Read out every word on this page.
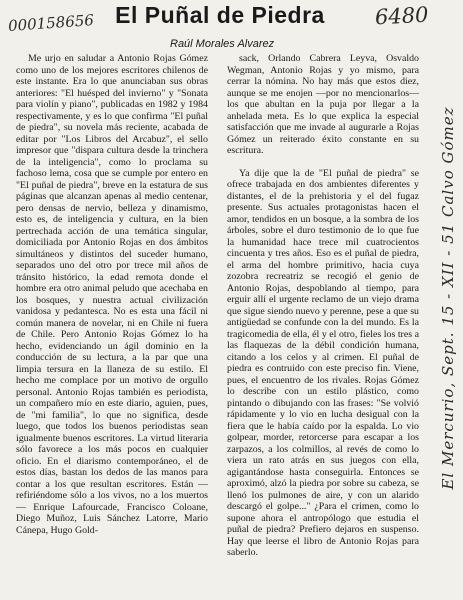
000158656	6480
El Mercurio, Sept. 15 - XII - 51 Calvo Gómez
El Puñal de Piedra
Raúl Morales Alvarez

Me urjo en saludar a Antonio Rojas Gómez como uno de los mejores escritores chilenos de este instante. Era lo que anunciaban sus obras anteriores: "El huésped del invierno" y "Sonata para violín y piano", publicadas en 1982 y 1984 respectivamente, y es lo que confirma "El puñal de piedra", su novela más reciente, acabada de editar por "Los Libros del Arcabuz", el sello impresor que "dispara cultura desde la trinchera de la inteligencia", como lo proclama su fachoso lema, cosa que se cumple por entero en "El puñal de piedra", breve en la estatura de sus páginas que alcanzan apenas al medio centenar, pero densas de nervio, belleza y dinamismo, esto es, de inteligencia y cultura, en la bien pertrechada acción de una temática singular, domiciliada por Antonio Rojas en dos ámbitos simultáneos y distintos del suceder humano, separados uno del otro por trece mil años de tránsito histórico, la edad remota donde el hombre era otro animal peludo que acechaba en los bosques, y nuestra actual civilización vanidosa y pedantesca. No es esta una fácil ni común manera de novelar, ni en Chile ni fuera de Chile. Pero Antonio Rojas Gómez lo ha hecho, evidenciando un ágil dominio en la conducción de su lectura, a la par que una limpia tersura en la llaneza de su estilo. El hecho me complace por un motivo de orgullo personal. Antonio Rojas también es periodista, un compañero mío en este diario, aguien, pues, de "mi familia", lo que no significa, desde luego, que todos los buenos periodistas sean igualmente buenos escritores. La virtud literaria sólo favorece a los más pocos en cualquier oficio. En el diarismo contemporáneo, el de estos días, bastan los dedos de las manos para contar a los que resultan escritores. Están —refiriéndome sólo a los vivos, no a los muertos— Enrique Lafourcade, Francisco Coloane, Diego Muñoz, Luis Sánchez Latorre, Mario Cánepa, Hugo Gold-

sack, Orlando Cabrera Leyva, Osvaldo Wegman, Antonio Rojas y yo mismo, para cerrar la nómina. No hay más que estos diez, aunque se me enojen —por no mencionarlos— los que abultan en la puja por llegar a la anhelada meta. Es lo que explica la especial satisfacción que me invade al augurarle a Rojas Gómez un reiterado éxito constante en su escritura.

Ya dije que la de "El puñal de piedra" se ofrece trabajada en dos ambientes diferentes y distantes, el de la prehistoria y el del fugaz presente. Sus actuales protagonistas hacen el amor, tendidos en un bosque, a la sombra de los árboles, sobre el duro testimonio de lo que fue la humanidad hace trece mil cuatrocientos cincuenta y tres años. Eso es el puñal de piedra, el arma del hombre primitivo, hacia cuya zozobra recreatriz se recogió el genio de Antonio Rojas, despoblando al tiempo, para erguir allí el urgente reclamo de un viejo drama que sigue siendo nuevo y perenne, pese a que su antigüedad se confunde con la del mundo. Es la tragicomedia de ella, él y el otro, fieles los tres a las flaquezas de la débil condición humana, citando a los celos y al crimen. El puñal de piedra es contruido con este preciso fin. Viene, pues, el encuentro de los rivales. Rojas Gómez lo describe con un estilo plástico, como pintando o dibujando con las frases: "Se volvió rápidamente y lo vio en lucha desigual con la fiera que le había caído por la espalda. Lo vio golpear, morder, retorcerse para escapar a los zarpazos, a los colmillos, al revés de como lo viera un rato atrás en sus juegos con ella, agigantándose hasta conseguirla. Entonces se aproximó, alzó la piedra por sobre su cabeza, se llenó los pulmones de aire, y con un alarido descargó el golpe..." ¿Para el crimen, como lo supone ahora el antropólogo que estudia el puñal de piedra? Prefiero dejaros en suspenso. Hay que leerse el libro de Antonio Rojas para saberlo.
